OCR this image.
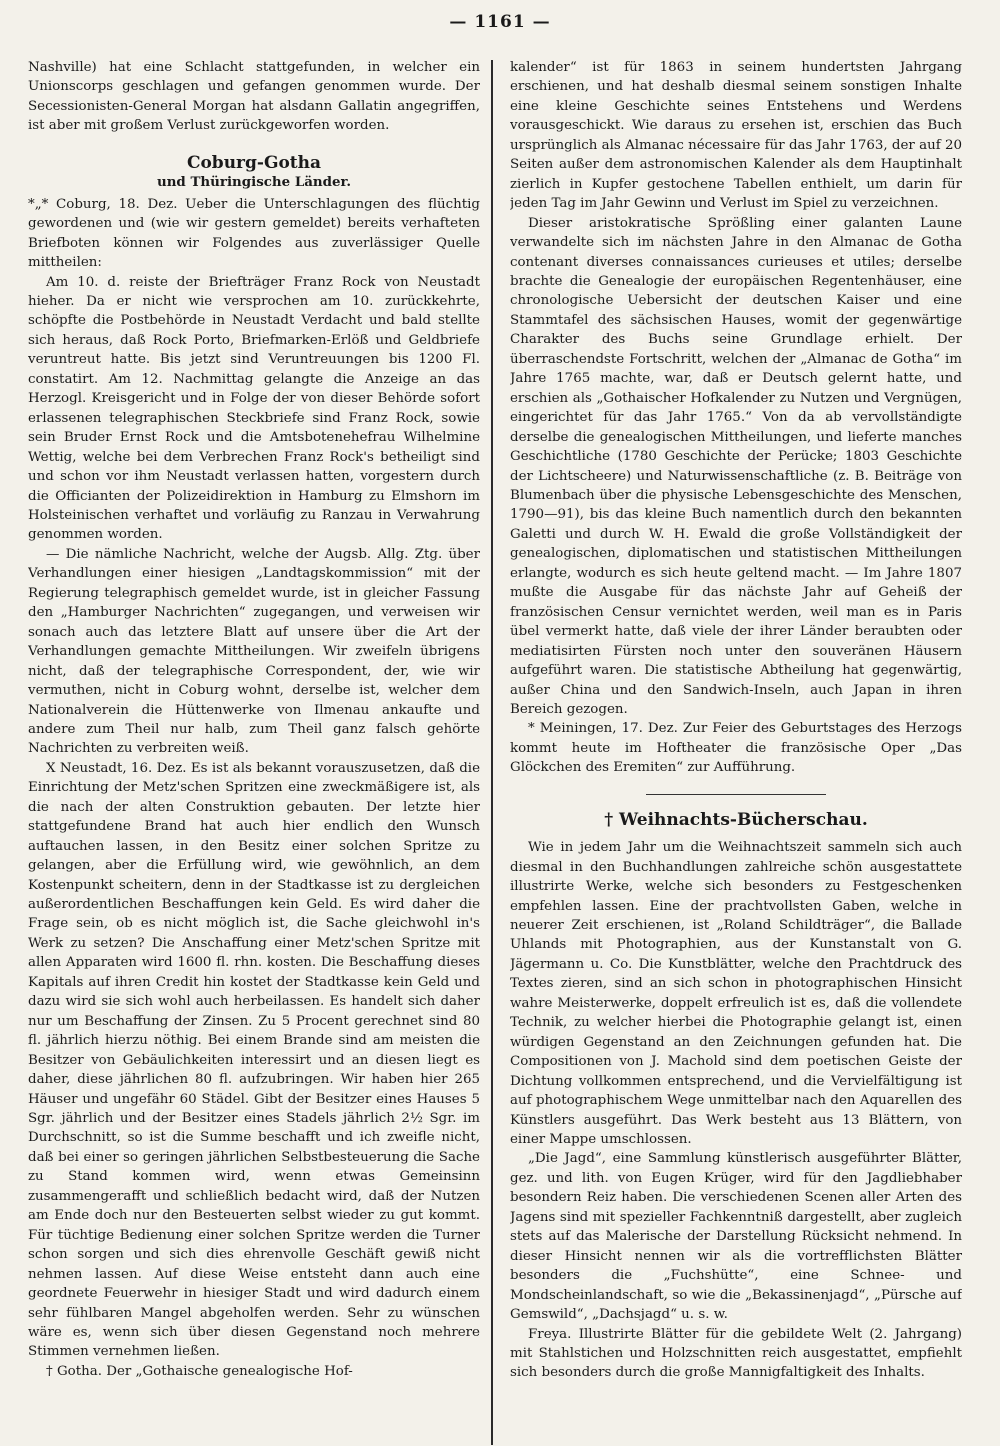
— 1161 —

Nashville) hat eine Schlacht stattgefunden, in welcher ein Unionscorps geschlagen und gefangen genommen wurde. Der Secessionisten-General Morgan hat alsdann Gallatin angegriffen, ist aber mit großem Verlust zurückgeworfen worden.

Coburg-Gotha

und Thüringische Länder.

*„* Coburg, 18. Dez. Ueber die Unterschlagungen des flüchtig gewordenen und (wie wir gestern gemeldet) bereits verhafteten Briefboten können wir Folgendes aus zuverlässiger Quelle mittheilen:

Am 10. d. reiste der Briefträger Franz Rock von Neustadt hieher. Da er nicht wie versprochen am 10. zurückkehrte, schöpfte die Postbehörde in Neustadt Verdacht und bald stellte sich heraus, daß Rock Porto, Briefmarken-Erlöß und Geldbriefe veruntreut hatte. Bis jetzt sind Veruntreuungen bis 1200 Fl. constatirt. Am 12. Nachmittag gelangte die Anzeige an das Herzogl. Kreisgericht und in Folge der von dieser Behörde sofort erlassenen telegraphischen Steckbriefe sind Franz Rock, sowie sein Bruder Ernst Rock und die Amtsbotenehefrau Wilhelmine Wettig, welche bei dem Verbrechen Franz Rock's betheiligt sind und schon vor ihm Neustadt verlassen hatten, vorgestern durch die Officianten der Polizeidirektion in Hamburg zu Elmshorn im Holsteinischen verhaftet und vorläufig zu Ranzau in Verwahrung genommen worden.

— Die nämliche Nachricht, welche der Augsb. Allg. Ztg. über Verhandlungen einer hiesigen „Landtagskommission“ mit der Regierung telegraphisch gemeldet wurde, ist in gleicher Fassung den „Hamburger Nachrichten“ zugegangen, und verweisen wir sonach auch das letztere Blatt auf unsere über die Art der Verhandlungen gemachte Mittheilungen. Wir zweifeln übrigens nicht, daß der telegraphische Correspondent, der, wie wir vermuthen, nicht in Coburg wohnt, derselbe ist, welcher dem Nationalverein die Hüttenwerke von Ilmenau ankaufte und andere zum Theil nur halb, zum Theil ganz falsch gehörte Nachrichten zu verbreiten weiß.

X Neustadt, 16. Dez. Es ist als bekannt vorauszusetzen, daß die Einrichtung der Metz'schen Spritzen eine zweckmäßigere ist, als die nach der alten Construktion gebauten. Der letzte hier stattgefundene Brand hat auch hier endlich den Wunsch auftauchen lassen, in den Besitz einer solchen Spritze zu gelangen, aber die Erfüllung wird, wie gewöhnlich, an dem Kostenpunkt scheitern, denn in der Stadtkasse ist zu dergleichen außerordentlichen Beschaffungen kein Geld. Es wird daher die Frage sein, ob es nicht möglich ist, die Sache gleichwohl in's Werk zu setzen? Die Anschaffung einer Metz'schen Spritze mit allen Apparaten wird 1600 fl. rhn. kosten. Die Beschaffung dieses Kapitals auf ihren Credit hin kostet der Stadtkasse kein Geld und dazu wird sie sich wohl auch herbeilassen. Es handelt sich daher nur um Beschaffung der Zinsen. Zu 5 Procent gerechnet sind 80 fl. jährlich hierzu nöthig. Bei einem Brande sind am meisten die Besitzer von Gebäulichkeiten interessirt und an diesen liegt es daher, diese jährlichen 80 fl. aufzubringen. Wir haben hier 265 Häuser und ungefähr 60 Städel. Gibt der Besitzer eines Hauses 5 Sgr. jährlich und der Besitzer eines Stadels jährlich 2½ Sgr. im Durchschnitt, so ist die Summe beschafft und ich zweifle nicht, daß bei einer so geringen jährlichen Selbstbesteuerung die Sache zu Stand kommen wird, wenn etwas Gemeinsinn zusammengerafft und schließlich bedacht wird, daß der Nutzen am Ende doch nur den Besteuerten selbst wieder zu gut kommt. Für tüchtige Bedienung einer solchen Spritze werden die Turner schon sorgen und sich dies ehrenvolle Geschäft gewiß nicht nehmen lassen. Auf diese Weise entsteht dann auch eine geordnete Feuerwehr in hiesiger Stadt und wird dadurch einem sehr fühlbaren Mangel abgeholfen werden. Sehr zu wünschen wäre es, wenn sich über diesen Gegenstand noch mehrere Stimmen vernehmen ließen.

† Gotha. Der „Gothaische genealogische Hof-

kalender“ ist für 1863 in seinem hundertsten Jahrgang erschienen, und hat deshalb diesmal seinem sonstigen Inhalte eine kleine Geschichte seines Entstehens und Werdens vorausgeschickt. Wie daraus zu ersehen ist, erschien das Buch ursprünglich als Almanac nécessaire für das Jahr 1763, der auf 20 Seiten außer dem astronomischen Kalender als dem Hauptinhalt zierlich in Kupfer gestochene Tabellen enthielt, um darin für jeden Tag im Jahr Gewinn und Verlust im Spiel zu verzeichnen.

Dieser aristokratische Sprößling einer galanten Laune verwandelte sich im nächsten Jahre in den Almanac de Gotha contenant diverses connaissances curieuses et utiles; derselbe brachte die Genealogie der europäischen Regentenhäuser, eine chronologische Uebersicht der deutschen Kaiser und eine Stammtafel des sächsischen Hauses, womit der gegenwärtige Charakter des Buchs seine Grundlage erhielt. Der überraschendste Fortschritt, welchen der „Almanac de Gotha“ im Jahre 1765 machte, war, daß er Deutsch gelernt hatte, und erschien als „Gothaischer Hofkalender zu Nutzen und Vergnügen, eingerichtet für das Jahr 1765.“ Von da ab vervollständigte derselbe die genealogischen Mittheilungen, und lieferte manches Geschichtliche (1780 Geschichte der Perücke; 1803 Geschichte der Lichtscheere) und Naturwissenschaftliche (z. B. Beiträge von Blumenbach über die physische Lebensgeschichte des Menschen, 1790—91), bis das kleine Buch namentlich durch den bekannten Galetti und durch W. H. Ewald die große Vollständigkeit der genealogischen, diplomatischen und statistischen Mittheilungen erlangte, wodurch es sich heute geltend macht. — Im Jahre 1807 mußte die Ausgabe für das nächste Jahr auf Geheiß der französischen Censur vernichtet werden, weil man es in Paris übel vermerkt hatte, daß viele der ihrer Länder beraubten oder mediatisirten Fürsten noch unter den souveränen Häusern aufgeführt waren. Die statistische Abtheilung hat gegenwärtig, außer China und den Sandwich-Inseln, auch Japan in ihren Bereich gezogen.

* Meiningen, 17. Dez. Zur Feier des Geburtstages des Herzogs kommt heute im Hoftheater die französische Oper „Das Glöckchen des Eremiten“ zur Aufführung.

† Weihnachts-Bücherschau.

Wie in jedem Jahr um die Weihnachtszeit sammeln sich auch diesmal in den Buchhandlungen zahlreiche schön ausgestattete illustrirte Werke, welche sich besonders zu Festgeschenken empfehlen lassen. Eine der prachtvollsten Gaben, welche in neuerer Zeit erschienen, ist „Roland Schildträger“, die Ballade Uhlands mit Photographien, aus der Kunstanstalt von G. Jägermann u. Co. Die Kunstblätter, welche den Prachtdruck des Textes zieren, sind an sich schon in photographischen Hinsicht wahre Meisterwerke, doppelt erfreulich ist es, daß die vollendete Technik, zu welcher hierbei die Photographie gelangt ist, einen würdigen Gegenstand an den Zeichnungen gefunden hat. Die Compositionen von J. Machold sind dem poetischen Geiste der Dichtung vollkommen entsprechend, und die Vervielfältigung ist auf photographischem Wege unmittelbar nach den Aquarellen des Künstlers ausgeführt. Das Werk besteht aus 13 Blättern, von einer Mappe umschlossen.

„Die Jagd“, eine Sammlung künstlerisch ausgeführter Blätter, gez. und lith. von Eugen Krüger, wird für den Jagdliebhaber besondern Reiz haben. Die verschiedenen Scenen aller Arten des Jagens sind mit spezieller Fachkenntniß dargestellt, aber zugleich stets auf das Malerische der Darstellung Rücksicht nehmend. In dieser Hinsicht nennen wir als die vortrefflichsten Blätter besonders die „Fuchshütte“, eine Schnee- und Mondscheinlandschaft, so wie die „Bekassinenjagd“, „Pürsche auf Gemswild“, „Dachsjagd“ u. s. w.

Freya. Illustrirte Blätter für die gebildete Welt (2. Jahrgang) mit Stahlstichen und Holzschnitten reich ausgestattet, empfiehlt sich besonders durch die große Mannigfaltigkeit des Inhalts.
